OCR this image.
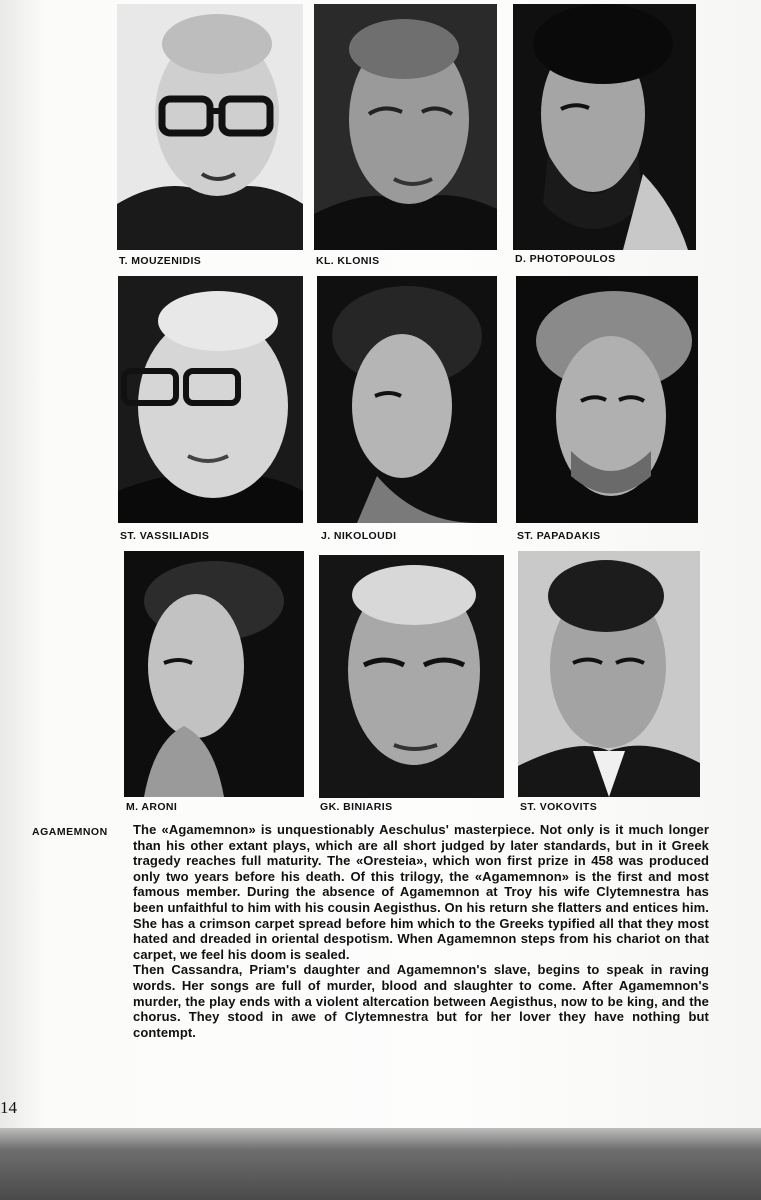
T. MOUZENIDIS	KL. KLONIS	D. PHOTOPOULOS
ST. VASSILIADIS	J. NIKOLOUDI	ST. PAPADAKIS
M. ARONI	GK. BINIARIS	ST. VOKOVITS
AGAMEMNON The «Agamemnon» is unquestionably Aeschulus' masterpiece. Not only is it much longer than his other extant plays, which are all short judged by later standards, but in it Greek tragedy reaches full maturity. The «Oresteia», which won first prize in 458 was produced only two years before his death. Of this trilogy, the «Agamemnon» is the first and most famous member. During the absence of Agamemnon at Troy his wife Clytemnestra has been unfaithful to him with his cousin Aegisthus. On his return she flatters and entices him. She has a crimson carpet spread before him which to the Greeks typified all that they most hated and dreaded in oriental despotism. When Agamemnon steps from his chariot on that carpet, we feel his doom is sealed.

Then Cassandra, Priam's daughter and Agamemnon's slave, begins to speak in raving words. Her songs are full of murder, blood and slaughter to come. After Agamemnon's murder, the play ends with a violent altercation between Aegisthus, now to be king, and the chorus. They stood in awe of Clytemnestra but for her lover they have nothing but contempt.

14
